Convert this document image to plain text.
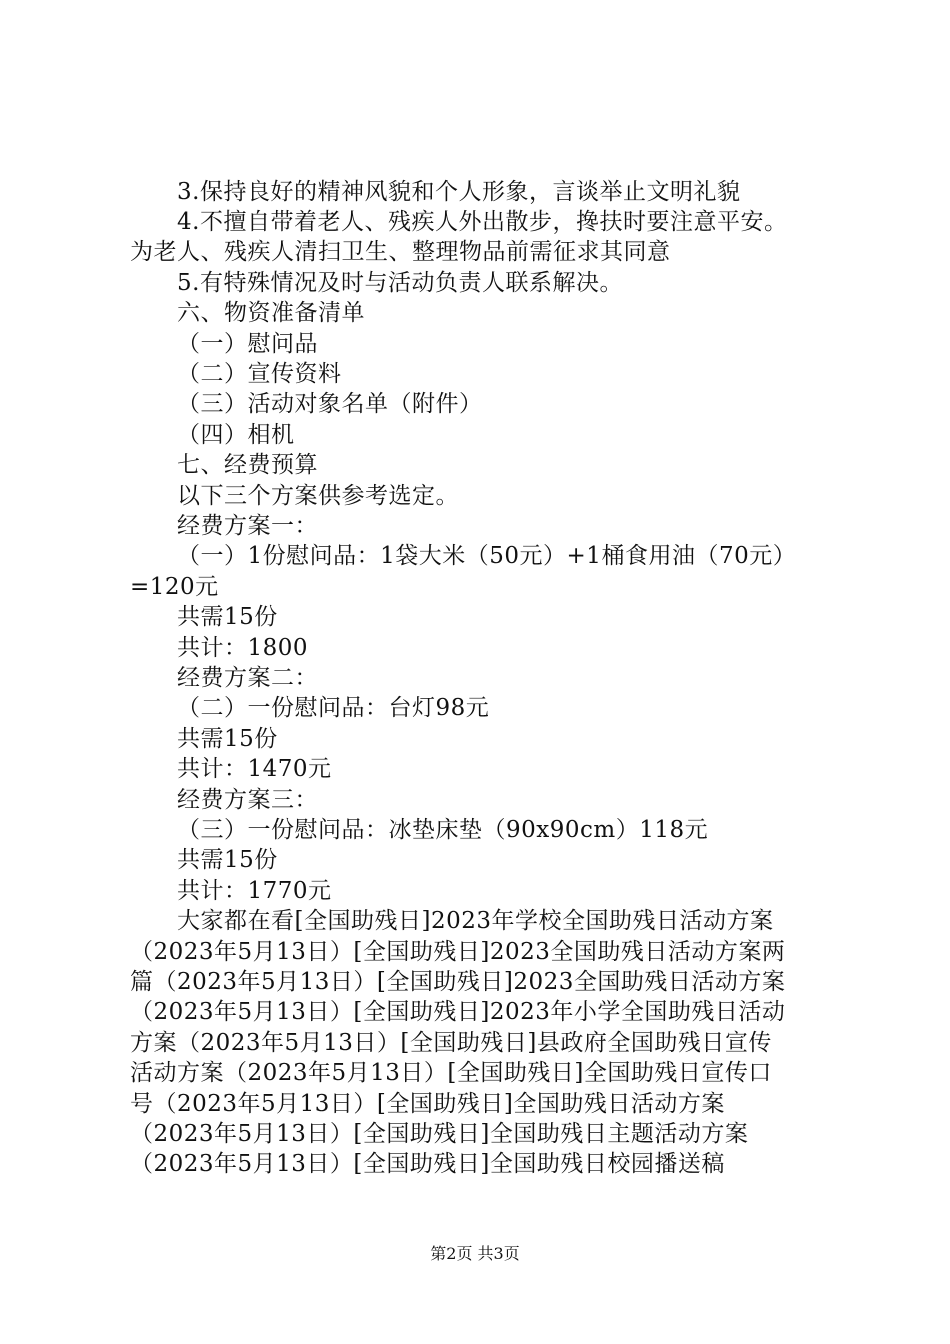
3.保持良好的精神风貌和个人形象，言谈举止文明礼貌
4.不擅自带着老人、残疾人外出散步，搀扶时要注意平安。
为老人、残疾人清扫卫生、整理物品前需征求其同意
5.有特殊情况及时与活动负责人联系解决。
六、物资准备清单
（一）慰问品
（二）宣传资料
（三）活动对象名单（附件）
（四）相机
七、经费预算
以下三个方案供参考选定。
经费方案一：
（一）1份慰问品：1袋大米（50元）+1桶食用油（70元）
=120元
共需15份
共计：1800
经费方案二：
（二）一份慰问品：台灯98元
共需15份
共计：1470元
经费方案三：
（三）一份慰问品：冰垫床垫（90x90cm）118元
共需15份
共计：1770元
大家都在看[全国助残日]2023年学校全国助残日活动方案
（2023年5月13日）[全国助残日]2023全国助残日活动方案两
篇（2023年5月13日）[全国助残日]2023全国助残日活动方案
（2023年5月13日）[全国助残日]2023年小学全国助残日活动
方案（2023年5月13日）[全国助残日]县政府全国助残日宣传
活动方案（2023年5月13日）[全国助残日]全国助残日宣传口
号（2023年5月13日）[全国助残日]全国助残日活动方案
（2023年5月13日）[全国助残日]全国助残日主题活动方案
（2023年5月13日）[全国助残日]全国助残日校园播送稿
第2页 共3页
